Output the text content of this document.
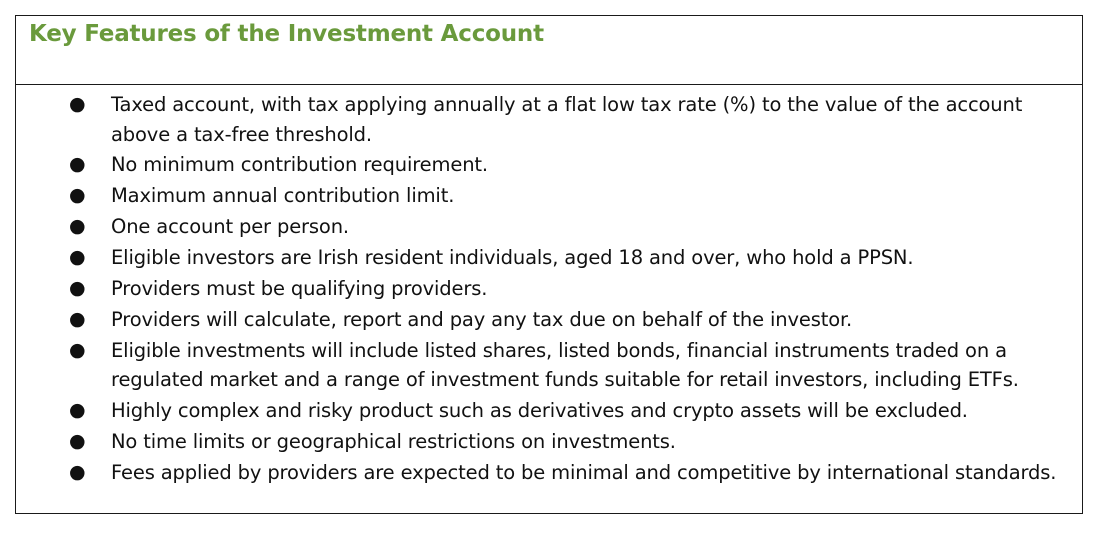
Key Features of the Investment Account
●	Taxed account, with tax applying annually at a flat low tax rate (%) to the value of the account above a tax-free threshold.
●	No minimum contribution requirement.
●	Maximum annual contribution limit.
●	One account per person.
●	Eligible investors are Irish resident individuals, aged 18 and over, who hold a PPSN.
●	Providers must be qualifying providers.
●	Providers will calculate, report and pay any tax due on behalf of the investor.
●	Eligible investments will include listed shares, listed bonds, financial instruments traded on a regulated market and a range of investment funds suitable for retail investors, including ETFs.
●	Highly complex and risky product such as derivatives and crypto assets will be excluded.
●	No time limits or geographical restrictions on investments.
●	Fees applied by providers are expected to be minimal and competitive by international standards.
